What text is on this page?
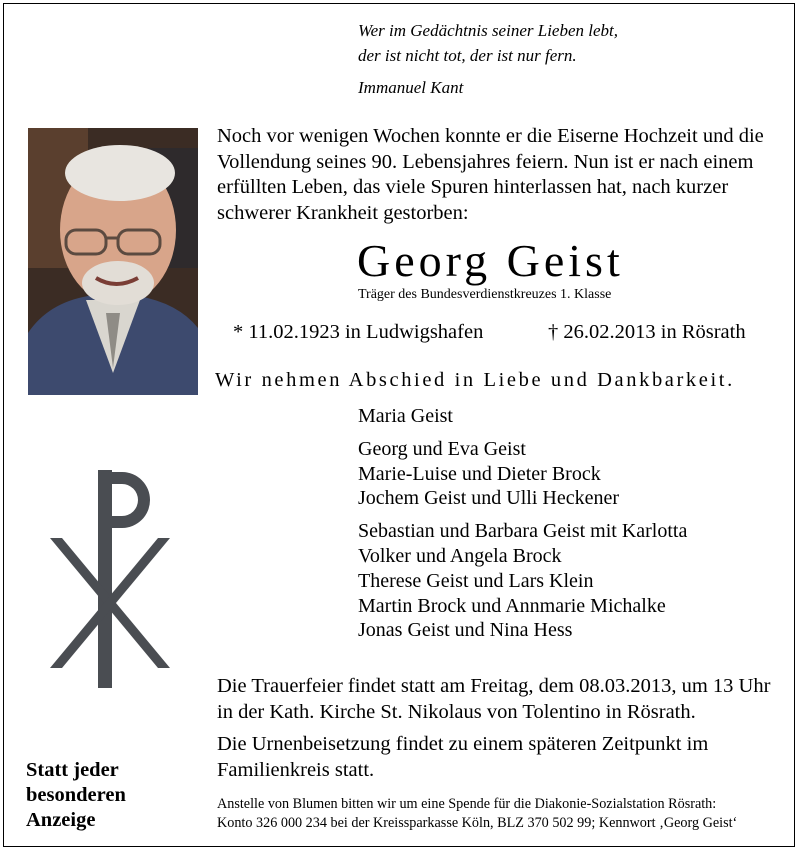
Wer im Gedächtnis seiner Lieben lebt,
der ist nicht tot, der ist nur fern.
Immanuel Kant
Noch vor wenigen Wochen konnte er die Eiserne Hochzeit und die Vollendung seines 90. Lebensjahres feiern. Nun ist er nach einem erfüllten Leben, das viele Spuren hinterlassen hat, nach kurzer schwerer Krankheit gestorben:
Georg Geist
Träger des Bundesverdienstkreuzes 1. Klasse
* 11.02.1923 in Ludwigshafen	† 26.02.2013 in Rösrath
Wir nehmen Abschied in Liebe und Dankbarkeit.
Maria Geist
Georg und Eva Geist
Marie-Luise und Dieter Brock
Jochem Geist und Ulli Heckener
Sebastian und Barbara Geist mit Karlotta
Volker und Angela Brock
Therese Geist und Lars Klein
Martin Brock und Annmarie Michalke
Jonas Geist und Nina Hess

Die Trauerfeier findet statt am Freitag, dem 08.03.2013, um 13 Uhr in der Kath. Kirche St. Nikolaus von Tolentino in Rösrath.

Die Urnenbeisetzung findet zu einem späteren Zeitpunkt im Familienkreis statt.

Statt jeder
besonderen
Anzeige
Anstelle von Blumen bitten wir um eine Spende für die Diakonie-Sozialstation Rösrath:
Konto 326 000 234 bei der Kreissparkasse Köln, BLZ 370 502 99; Kennwort ‚Georg Geist‘
